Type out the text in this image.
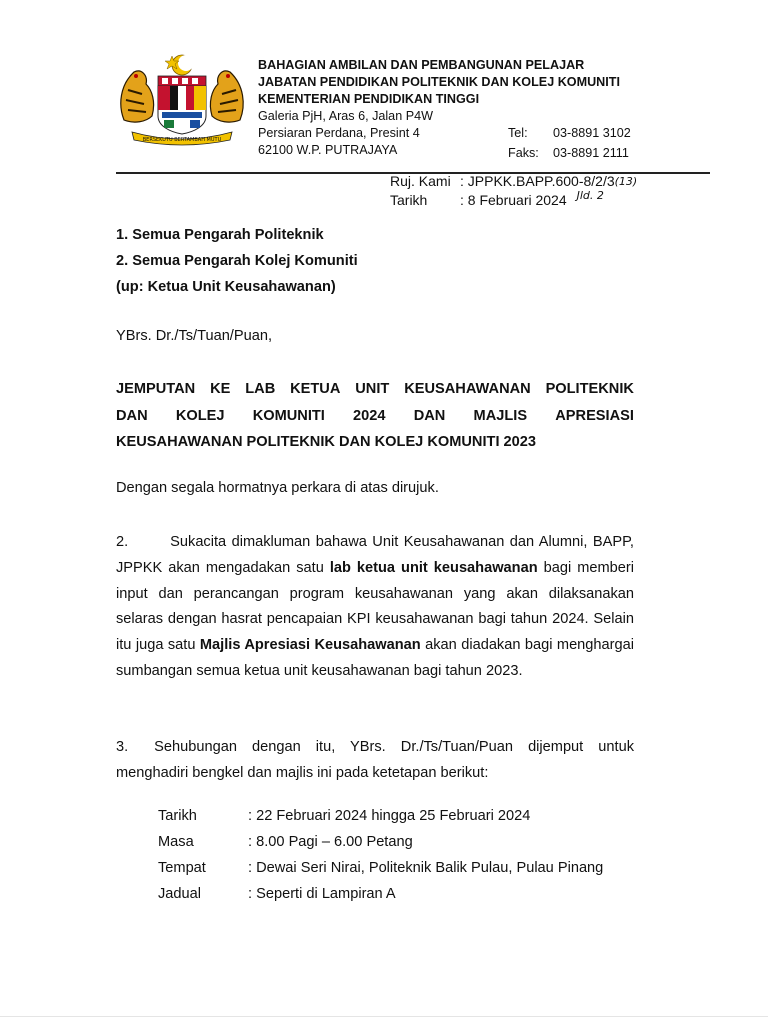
BERSEKUTU BERTAMBAH MUTU
BAHAGIAN AMBILAN DAN PEMBANGUNAN PELAJAR
JABATAN PENDIDIKAN POLITEKNIK DAN KOLEJ KOMUNITI
KEMENTERIAN PENDIDIKAN TINGGI
Galeria PjH, Aras 6, Jalan P4W
Persiaran Perdana, Presint 4
62100 W.P. PUTRAJAYA
Tel:	03-8891 3102
Faks:	03-8891 2111
Ruj. Kami : JPPKK.BAPP.600-8/2/3 (13)
Tarikh	: 8 Februari 2024 Jld. 2
1. Semua Pengarah Politeknik
2. Semua Pengarah Kolej Komuniti
(up: Ketua Unit Keusahawanan)
YBrs. Dr./Ts/Tuan/Puan,
JEMPUTAN KE LAB KETUA UNIT KEUSAHAWANAN POLITEKNIK
DAN KOLEJ KOMUNITI 2024 DAN MAJLIS APRESIASI
KEUSAHAWANAN POLITEKNIK DAN KOLEJ KOMUNITI 2023
Dengan segala hormatnya perkara di atas dirujuk.
2.	Sukacita dimakluman bahawa Unit Keusahawanan dan Alumni, BAPP, JPPKK akan mengadakan satu lab ketua unit keusahawanan bagi memberi input dan perancangan program keusahawanan yang akan dilaksanakan selaras dengan hasrat pencapaian KPI keusahawanan bagi tahun 2024. Selain itu juga satu Majlis Apresiasi Keusahawanan akan diadakan bagi menghargai sumbangan semua ketua unit keusahawanan bagi tahun 2023.
3. Sehubungan dengan itu, YBrs. Dr./Ts/Tuan/Puan dijemput untuk menghadiri bengkel dan majlis ini pada ketetapan berikut:
Tarikh	: 22 Februari 2024 hingga 25 Februari 2024
Masa	: 8.00 Pagi – 6.00 Petang
Tempat	: Dewai Seri Nirai, Politeknik Balik Pulau, Pulau Pinang
Jadual	: Seperti di Lampiran A
